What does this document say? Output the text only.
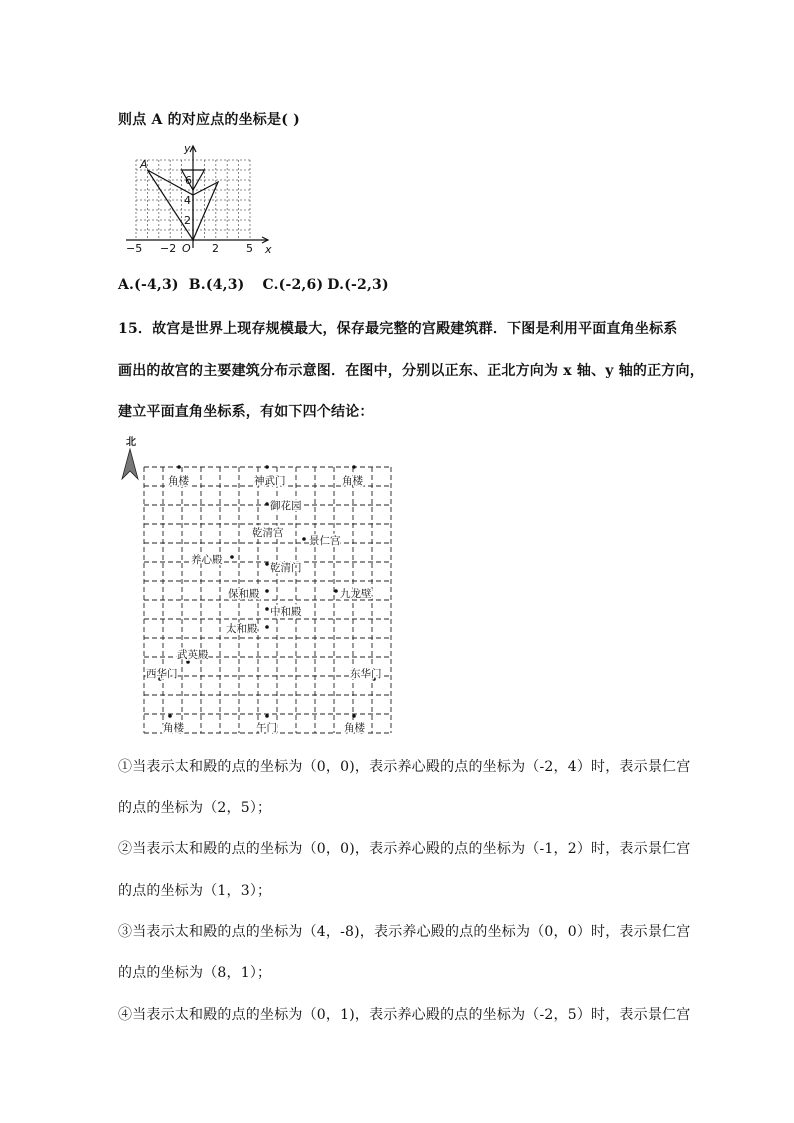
则点 A 的对应点的坐标是( )
A
y
x
6
4
2
O
−5 −2	2 5
A.(-4,3) B.(4,3) C.(-2,6) D.(-2,3)
15．故宫是世界上现存规模最大，保存最完整的宫殿建筑群．下图是利用平面直角坐标系
画出的故宫的主要建筑分布示意图．在图中，分别以正东、正北方向为 x 轴、y 轴的正方向，
建立平面直角坐标系，有如下四个结论：
北
角楼	神武门	角楼
御花园
乾清宫
景仁宫
养心殿
乾清门
保和殿	九龙壁
中和殿
太和殿
武英殿
西华门	东华门
角楼	午门	角楼
①当表示太和殿的点的坐标为（0，0)，表示养心殿的点的坐标为（-2，4）时，表示景仁宫
的点的坐标为（2，5）；
②当表示太和殿的点的坐标为（0，0)，表示养心殿的点的坐标为（-1，2）时，表示景仁宫
的点的坐标为（1，3）；
③当表示太和殿的点的坐标为（4，-8)，表示养心殿的点的坐标为（0，0）时，表示景仁宫
的点的坐标为（8，1）；
④当表示太和殿的点的坐标为（0，1)，表示养心殿的点的坐标为（-2，5）时，表示景仁宫
